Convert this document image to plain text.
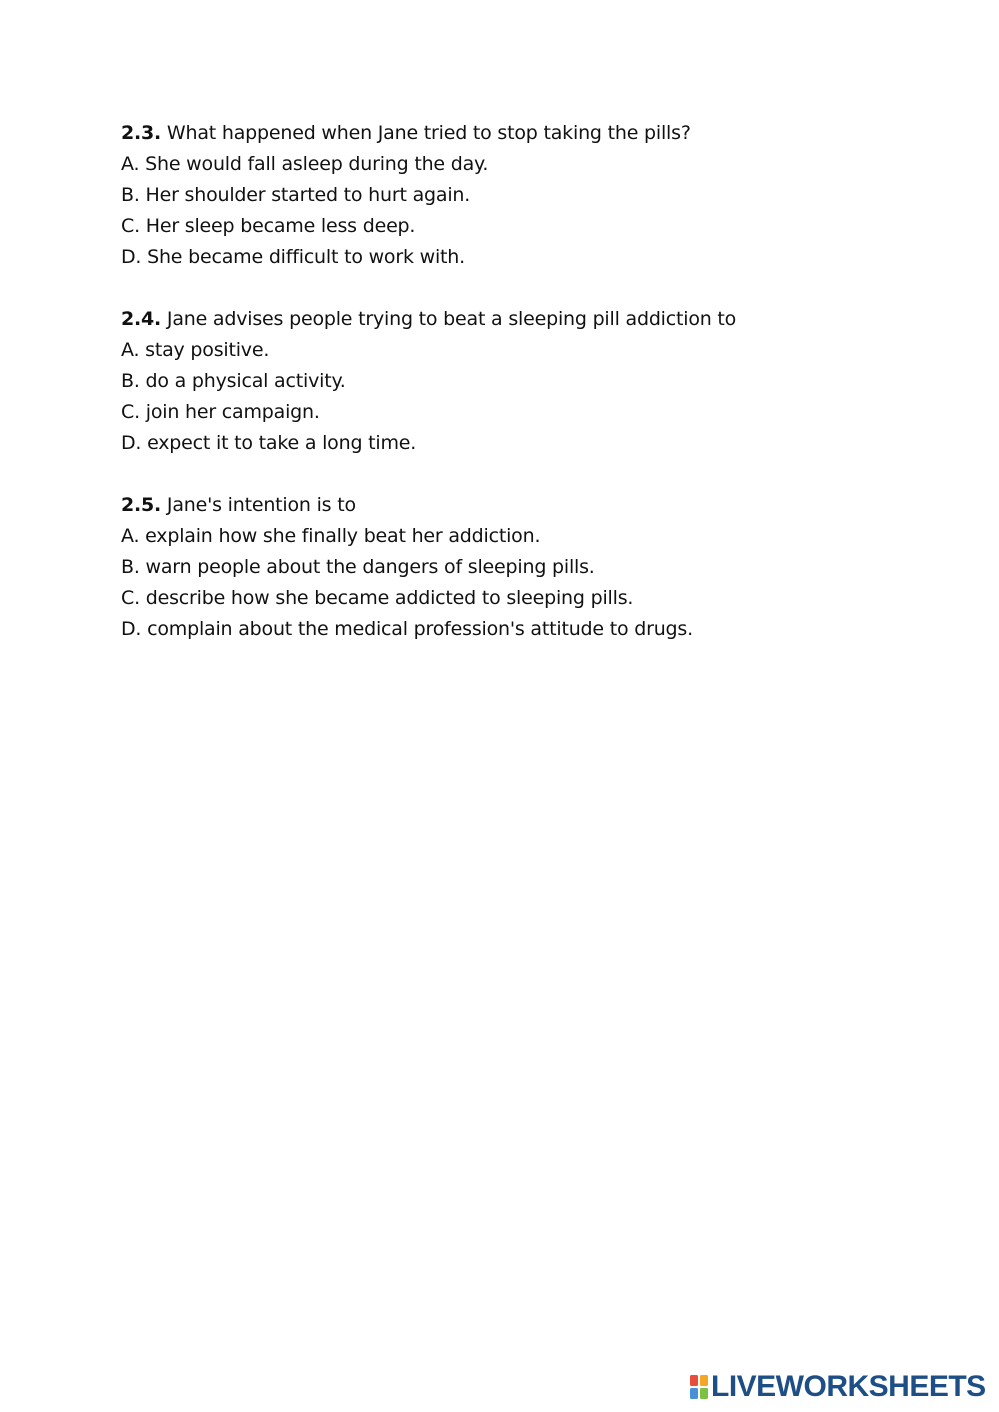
2.3. What happened when Jane tried to stop taking the pills?
A. She would fall asleep during the day.
B. Her shoulder started to hurt again.
C. Her sleep became less deep.
D. She became difficult to work with.
2.4. Jane advises people trying to beat a sleeping pill addiction to
A. stay positive.
B. do a physical activity.
C. join her campaign.
D. expect it to take a long time.
2.5. Jane's intention is to
A. explain how she finally beat her addiction.
B. warn people about the dangers of sleeping pills.
C. describe how she became addicted to sleeping pills.
D. complain about the medical profession's attitude to drugs.
LIVEWORKSHEETS
